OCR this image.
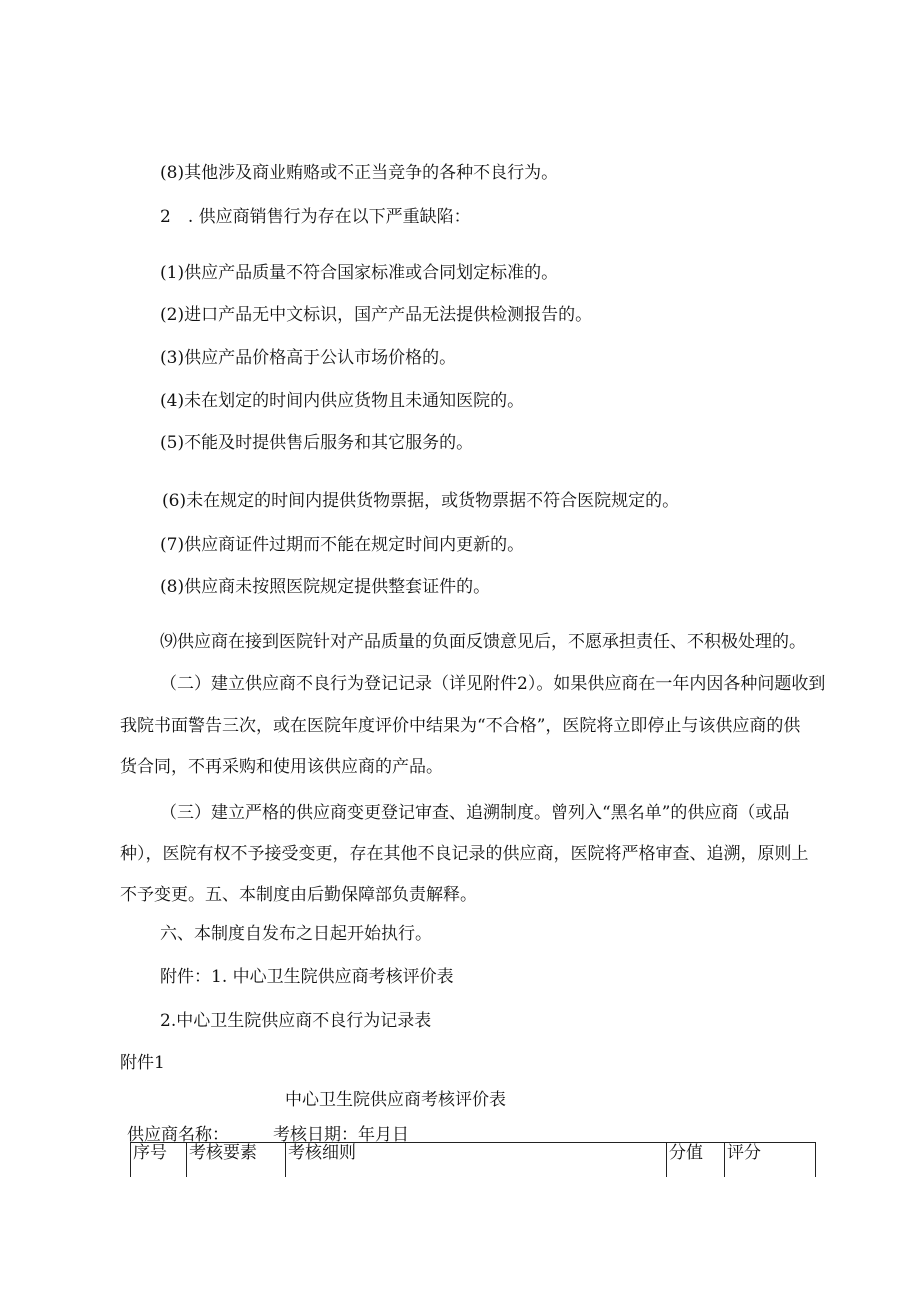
(8)其他涉及商业贿赂或不正当竞争的各种不良行为。
2　. 供应商销售行为存在以下严重缺陷：
(1)供应产品质量不符合国家标准或合同划定标准的。
(2)进口产品无中文标识，国产产品无法提供检测报告的。
(3)供应产品价格高于公认市场价格的。
(4)未在划定的时间内供应货物且未通知医院的。
(5)不能及时提供售后服务和其它服务的。
(6)未在规定的时间内提供货物票据，或货物票据不符合医院规定的。
(7)供应商证件过期而不能在规定时间内更新的。
(8)供应商未按照医院规定提供整套证件的。
⑼供应商在接到医院针对产品质量的负面反馈意见后，不愿承担责任、不积极处理的。
（二）建立供应商不良行为登记记录（详见附件2）。如果供应商在一年内因各种问题收到
我院书面警告三次，或在医院年度评价中结果为“不合格”，医院将立即停止与该供应商的供
货合同，不再采购和使用该供应商的产品。
（三）建立严格的供应商变更登记审查、追溯制度。曾列入“黑名单”的供应商（或品
种），医院有权不予接受变更，存在其他不良记录的供应商，医院将严格审查、追溯，原则上
不予变更。五、本制度由后勤保障部负责解释。
六、本制度自发布之日起开始执行。
附件：1. 中心卫生院供应商考核评价表
2.中心卫生院供应商不良行为记录表
附件1
中心卫生院供应商考核评价表
供应商名称：	考核日期：年月日
序号	考核要素	考核细则	分值	评分
